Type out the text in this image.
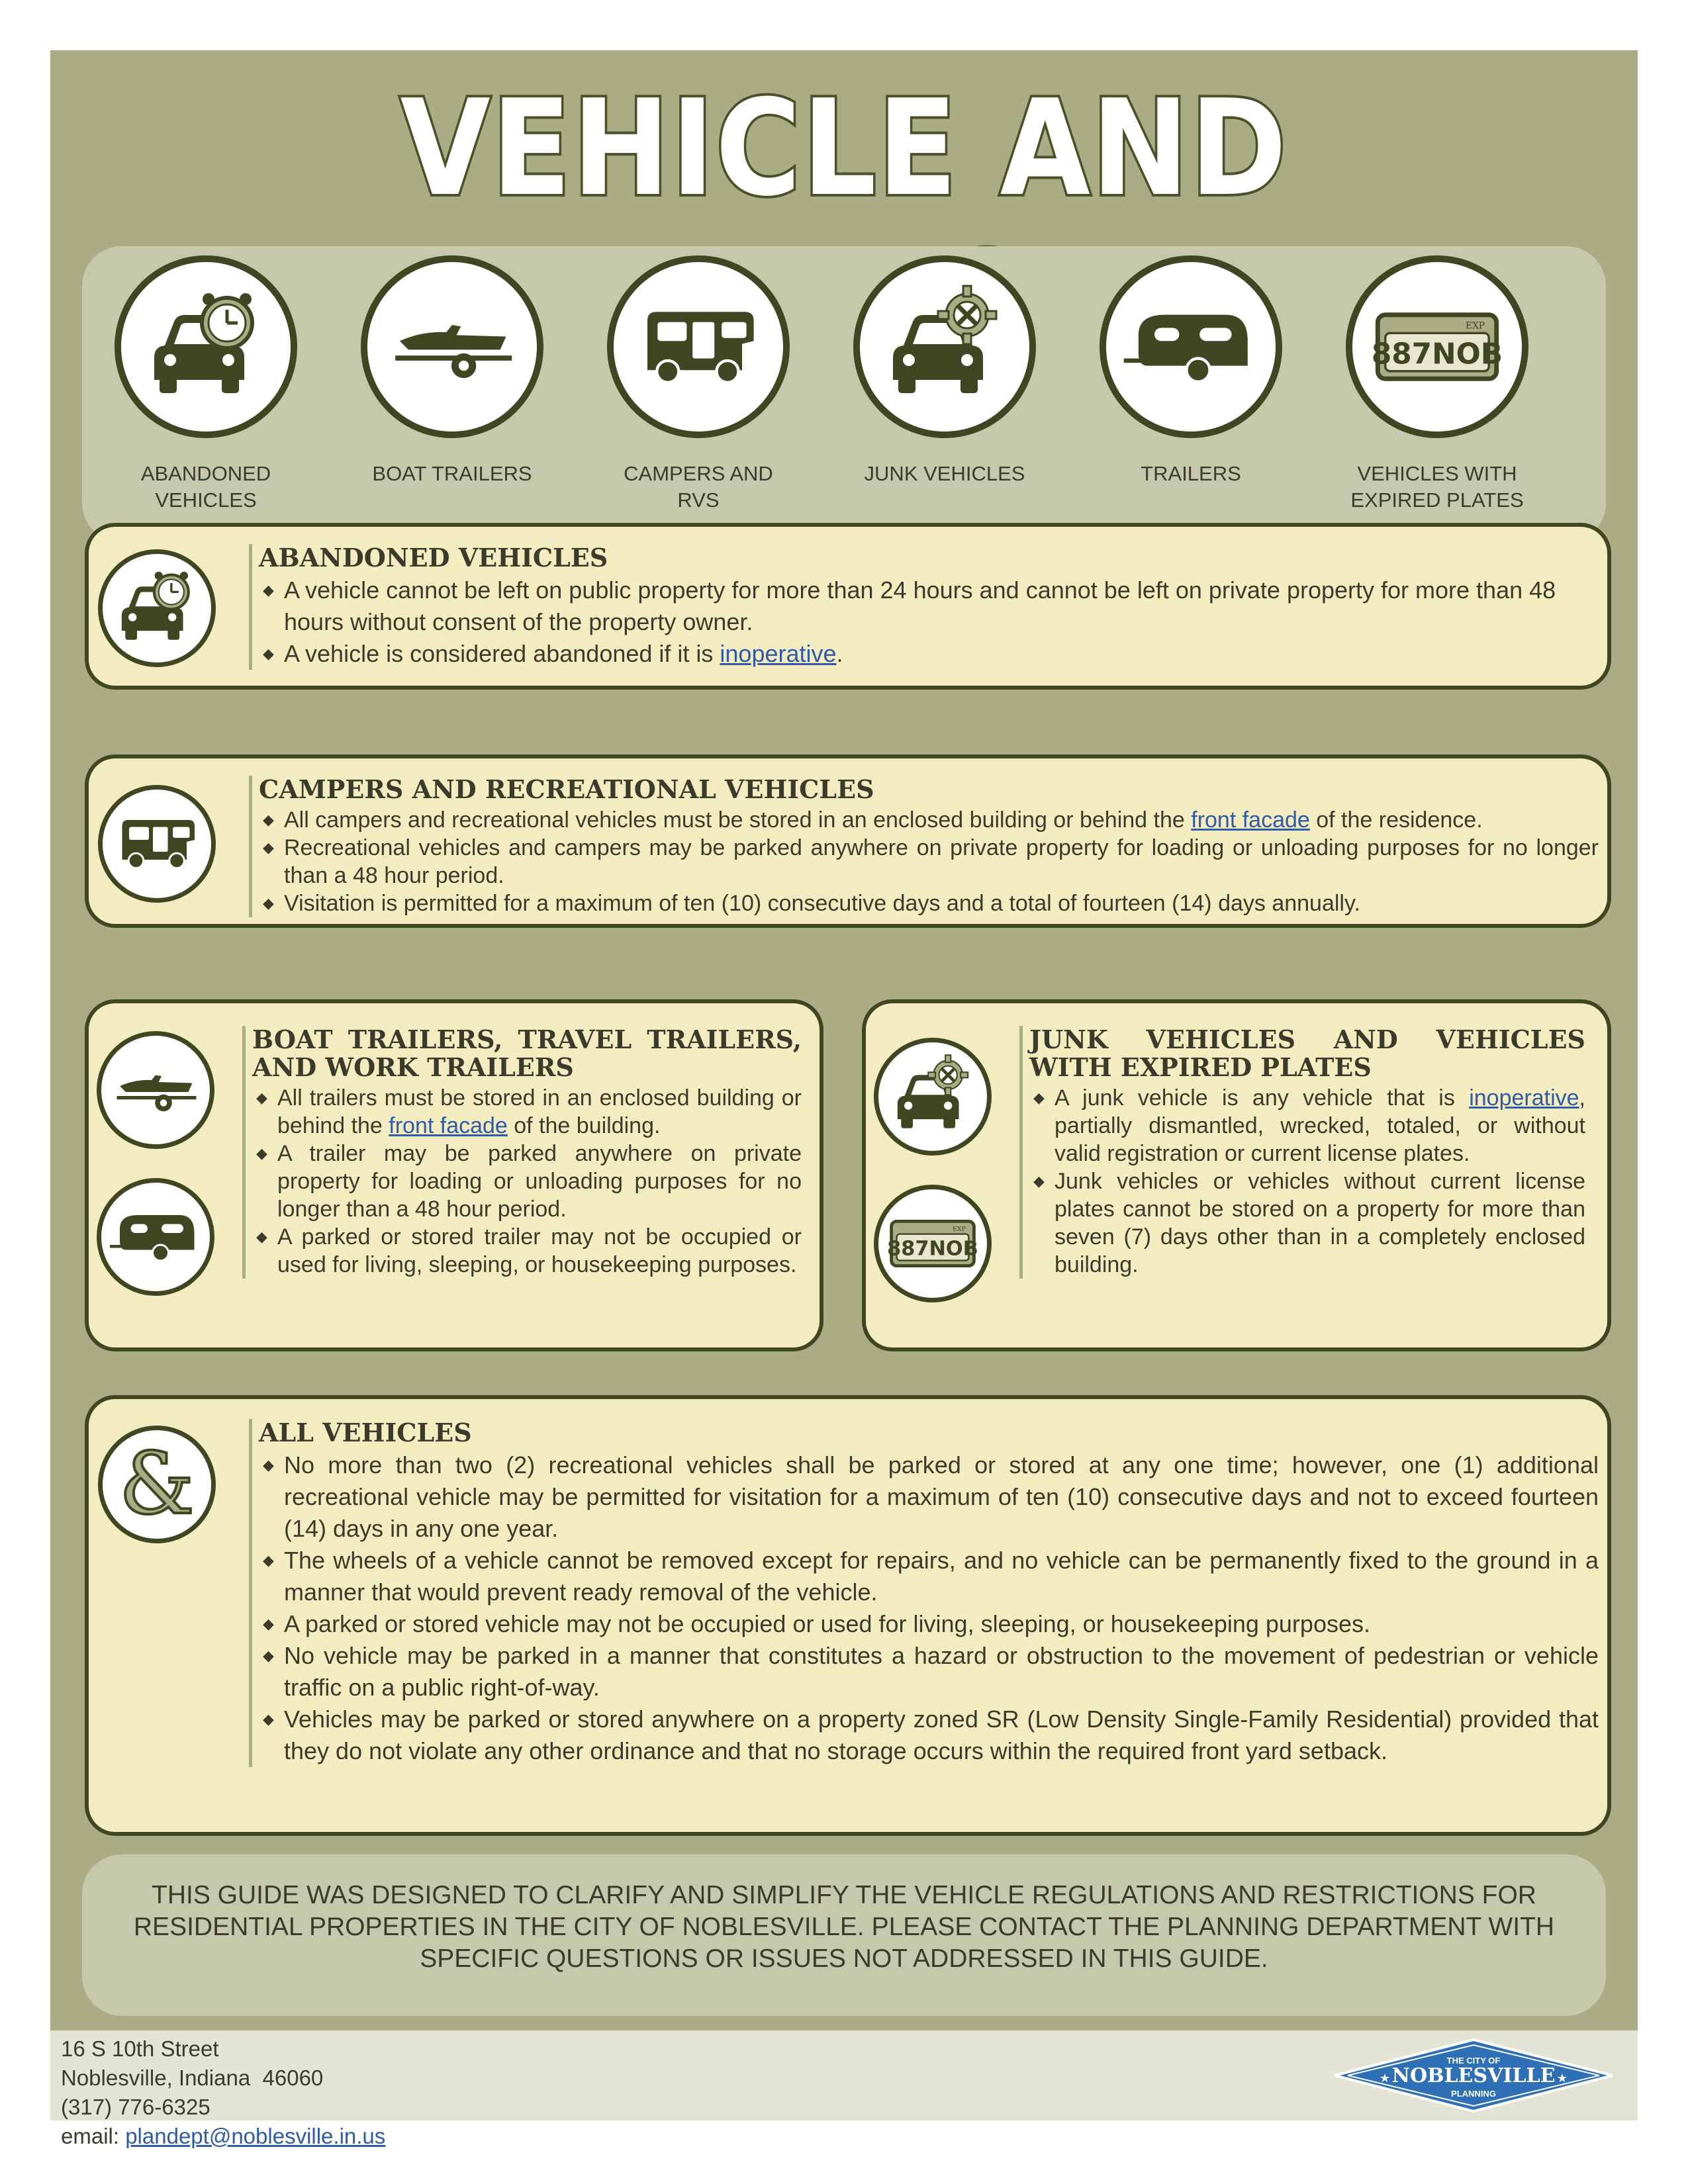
VEHICLE AND
ABANDONED
VEHICLES
BOAT TRAILERS	CAMPERS AND
RVS
JUNK VEHICLES	TRAILERS	VEHICLES WITH
EXPIRED PLATES
ABANDONED VEHICLES
◆ A vehicle cannot be left on public property for more than 24 hours and cannot be left on private property for more than 48 hours without consent of the property owner.
◆ A vehicle is considered abandoned if it is inoperative.
CAMPERS AND RECREATIONAL VEHICLES
◆ All campers and recreational vehicles must be stored in an enclosed building or behind the front facade of the residence.
◆ Recreational vehicles and campers may be parked anywhere on private property for loading or unloading purposes for no longer than a 48 hour period.
◆ Visitation is permitted for a maximum of ten (10) consecutive days and a total of fourteen (14) days annually.
BOAT TRAILERS, TRAVEL TRAILERS, AND WORK TRAILERS
◆ All trailers must be stored in an enclosed building or behind the front facade of the building.
◆ A trailer may be parked anywhere on private property for loading or unloading purposes for no longer than a 48 hour period.
◆ A parked or stored trailer may not be occupied or used for living, sleeping, or housekeeping purposes.
JUNK VEHICLES AND VEHICLES WITH EXPIRED PLATES
◆ A junk vehicle is any vehicle that is inoperative, partially dismantled, wrecked, totaled, or without valid registration or current license plates.
◆ Junk vehicles or vehicles without current license plates cannot be stored on a property for more than seven (7) days other than in a completely enclosed building.
&
ALL VEHICLES
◆ No more than two (2) recreational vehicles shall be parked or stored at any one time; however, one (1) additional recreational vehicle may be permitted for visitation for a maximum of ten (10) consecutive days and not to exceed fourteen (14) days in any one year.
◆ The wheels of a vehicle cannot be removed except for repairs, and no vehicle can be permanently fixed to the ground in a manner that would prevent ready removal of the vehicle.
◆ A parked or stored vehicle may not be occupied or used for living, sleeping, or housekeeping purposes.
◆ No vehicle may be parked in a manner that constitutes a hazard or obstruction to the movement of pedestrian or vehicle traffic on a public right-of-way.
◆ Vehicles may be parked or stored anywhere on a property zoned SR (Low Density Single-Family Residential) provided that they do not violate any other ordinance and that no storage occurs within the required front yard setback.
THIS GUIDE WAS DESIGNED TO CLARIFY AND SIMPLIFY THE VEHICLE REGULATIONS AND RESTRICTIONS FOR RESIDENTIAL PROPERTIES IN THE CITY OF NOBLESVILLE. PLEASE CONTACT THE PLANNING DEPARTMENT WITH SPECIFIC QUESTIONS OR ISSUES NOT ADDRESSED IN THIS GUIDE.
16 S 10th Street
Noblesville, Indiana  46060
(317) 776-6325
email: plandept@noblesville.in.us
THE CITY OF
NOBLESVILLE
PLANNING
★	★
